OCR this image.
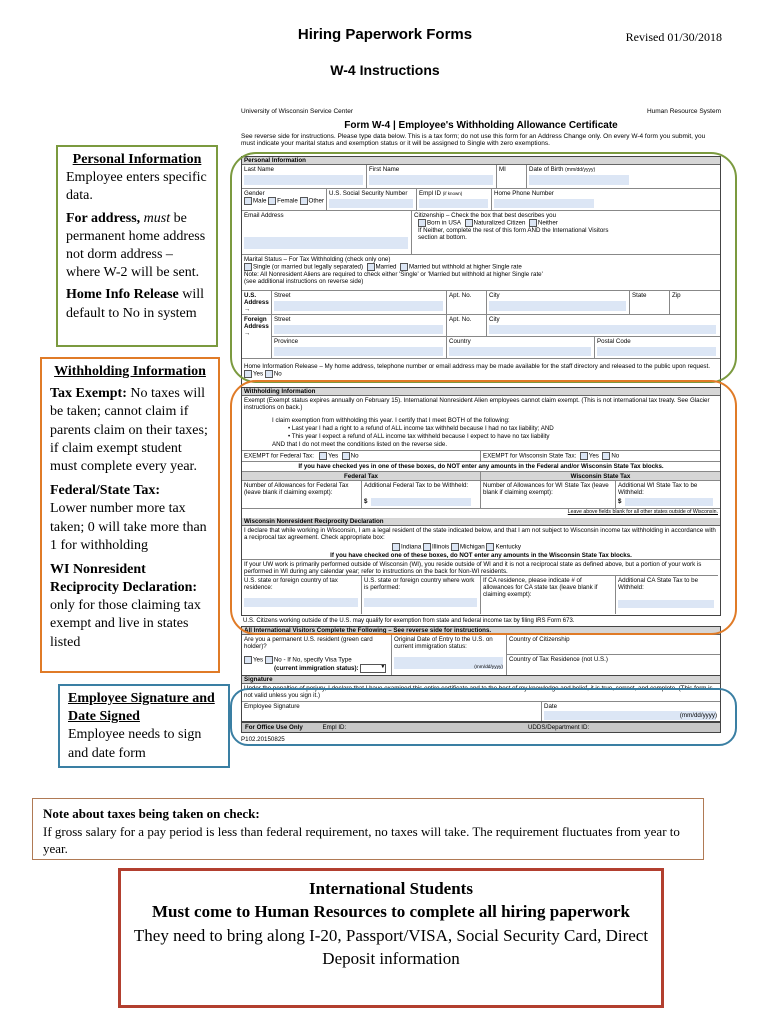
Hiring Paperwork Forms	Revised 01/30/2018
W-4 Instructions
University of Wisconsin Service Center	Human Resource System
Form W-4 | Employee's Withholding Allowance Certificate
See reverse side for instructions. Please type data below. This is a tax form; do not use this form for an Address Change only. On every W-4 form you submit, you must indicate your marital status and exemption status or it will be assigned to Single with zero exemptions.
Personal Information
Last Name	First Name	MI	Date of Birth (mm/dd/yyyy)
Gender
Male Female Other
U.S. Social Security Number	Empl ID (if known)	Home Phone Number
Email Address	Citizenship – Check the box that best describes you
Born in USA Naturalized Citizen Neither
If Neither, complete the rest of this form AND the International Visitors section at bottom.
Marital Status – For Tax Withholding (check only one)
Single (or married but legally separated) Married Married but withhold at higher Single rate
Note: All Nonresident Aliens are required to check either 'Single' or 'Married but withhold at higher Single rate' (see additional instructions on reverse side)
U.S. Address →
Street	Apt. No.	City	State	Zip
Foreign Address →
Street	Apt. No.	City
Province	Country	Postal Code
Home Information Release – My home address, telephone number or email address may be made available for the staff directory and released to the public upon request. Yes No
Withholding Information
Exempt (Exempt status expires annually on February 15). International Nonresident Alien employees cannot claim exempt. (This is not international tax treaty. See Glacier instructions on back.)
I claim exemption from withholding this year. I certify that I meet BOTH of the following:
• Last year I had a right to a refund of ALL income tax withheld because I had no tax liability; AND
• This year I expect a refund of ALL income tax withheld because I expect to have no tax liability
AND that I do not meet the conditions listed on the reverse side.
EXEMPT for Federal Tax: Yes No	EXEMPT for Wisconsin State Tax: Yes No
If you have checked yes in one of these boxes, do NOT enter any amounts in the Federal and/or Wisconsin State Tax blocks.
Federal Tax	Wisconsin State Tax
Number of Allowances for Federal Tax (leave blank if claiming exempt):
Additional Federal Tax to be Withheld:
$
Number of Allowances for WI State Tax (leave blank if claiming exempt):
Additional WI State Tax to be Withheld:
$
Leave above fields blank for all other states outside of Wisconsin.
Wisconsin Nonresident Reciprocity Declaration
I declare that while working in Wisconsin, I am a legal resident of the state indicated below, and that I am not subject to Wisconsin income tax withholding in accordance with a reciprocal tax agreement. Check appropriate box:
Indiana Illinois Michigan Kentucky
If you have checked one of these boxes, do NOT enter any amounts in the Wisconsin State Tax blocks.
If your UW work is primarily performed outside of Wisconsin (WI), you reside outside of WI and it is not a reciprocal state as defined above, but a portion of your work is performed in WI during any calendar year; refer to instructions on the back for Non-WI residents.
U.S. state or foreign country of tax residence:
U.S. state or foreign country where work is performed:
If CA residence, please indicate # of allowances for CA state tax (leave blank if claiming exempt):
Additional CA State Tax to be Withheld:
U.S. Citizens working outside of the U.S. may qualify for exemption from state and federal income tax by filing IRS Form 673.
All International Visitors Complete the Following – See reverse side for instructions.
Are you a permanent U.S. resident (green card holder)?
Yes No - If No, specify Visa Type
(current immigration status):	▼
Original Date of Entry to the U.S. on current immigration status:
(mm/dd/yyyy)
Country of Citizenship
Country of Tax Residence (not U.S.)
Signature
Under the penalties of perjury, I declare that I have examined this entire certificate and to the best of my knowledge and belief, it is true, correct, and complete. (This form is not valid unless you sign it.)
Employee Signature	Date
(mm/dd/yyyy)
For Office Use Only	Empl ID:	UDDS/Department ID:
P102.20150825
Personal Information

Employee enters specific data.

For address, must be permanent home address not dorm address – where W-2 will be sent.

Home Info Release will default to No in system

Withholding Information

Tax Exempt: No taxes will be taken; cannot claim if parents claim on their taxes; if claim exempt student must complete every year.

Federal/State Tax:
Lower number more tax taken; 0 will take more than 1 for withholding

WI Nonresident Reciprocity Declaration:
only for those claiming tax exempt and live in states listed

Employee Signature and Date Signed

Employee needs to sign and date form

Note about taxes being taken on check:
If gross salary for a pay period is less than federal requirement, no taxes will take. The requirement fluctuates from year to year.
International Students
Must come to Human Resources to complete all hiring paperwork
They need to bring along I-20, Passport/VISA, Social Security Card, Direct Deposit information
